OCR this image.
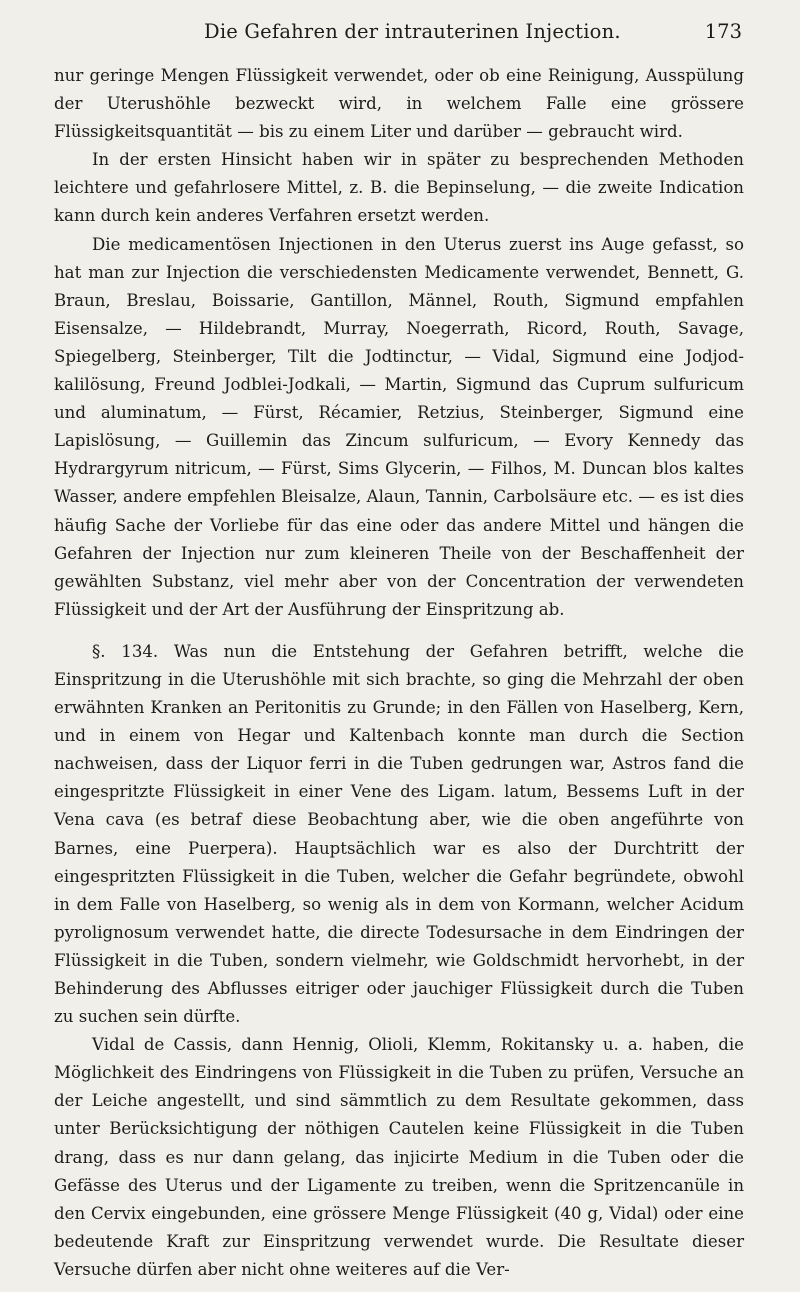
Die Gefahren der intrauterinen Injection.	173

nur geringe Mengen Flüssigkeit verwendet, oder ob eine Reinigung, Ausspülung der Uterushöhle bezweckt wird, in welchem Falle eine grössere Flüssigkeitsquantität — bis zu einem Liter und darüber — gebraucht wird.

In der ersten Hinsicht haben wir in später zu besprechenden Methoden leichtere und gefahrlosere Mittel, z. B. die Bepinselung, — die zweite Indication kann durch kein anderes Verfahren ersetzt werden.

Die medicamentösen Injectionen in den Uterus zuerst ins Auge gefasst, so hat man zur Injection die verschiedensten Medicamente verwendet, Bennett, G. Braun, Breslau, Boissarie, Gantillon, Männel, Routh, Sigmund empfahlen Eisensalze, — Hildebrandt, Murray, Noegerrath, Ricord, Routh, Savage, Spiegelberg, Steinberger, Tilt die Jodtinctur, — Vidal, Sigmund eine Jodjod-kalilösung, Freund Jodblei-Jodkali, — Martin, Sigmund das Cuprum sulfuricum und aluminatum, — Fürst, Récamier, Retzius, Steinberger, Sigmund eine Lapislösung, — Guillemin das Zincum sulfuricum, — Evory Kennedy das Hydrargyrum nitricum, — Fürst, Sims Glycerin, — Filhos, M. Duncan blos kaltes Wasser, andere empfehlen Bleisalze, Alaun, Tannin, Carbolsäure etc. — es ist dies häufig Sache der Vorliebe für das eine oder das andere Mittel und hängen die Gefahren der Injection nur zum kleineren Theile von der Beschaffenheit der gewählten Substanz, viel mehr aber von der Concentration der verwendeten Flüssigkeit und der Art der Ausführung der Einspritzung ab.

§. 134. Was nun die Entstehung der Gefahren betrifft, welche die Einspritzung in die Uterushöhle mit sich brachte, so ging die Mehrzahl der oben erwähnten Kranken an Peritonitis zu Grunde; in den Fällen von Haselberg, Kern, und in einem von Hegar und Kaltenbach konnte man durch die Section nachweisen, dass der Liquor ferri in die Tuben gedrungen war, Astros fand die eingespritzte Flüssigkeit in einer Vene des Ligam. latum, Bessems Luft in der Vena cava (es betraf diese Beobachtung aber, wie die oben angeführte von Barnes, eine Puerpera). Hauptsächlich war es also der Durchtritt der eingespritzten Flüssigkeit in die Tuben, welcher die Gefahr begründete, obwohl in dem Falle von Haselberg, so wenig als in dem von Kormann, welcher Acidum pyrolignosum verwendet hatte, die directe Todesursache in dem Eindringen der Flüssigkeit in die Tuben, sondern vielmehr, wie Goldschmidt hervorhebt, in der Behinderung des Abflusses eitriger oder jauchiger Flüssigkeit durch die Tuben zu suchen sein dürfte.

Vidal de Cassis, dann Hennig, Olioli, Klemm, Rokitansky u. a. haben, die Möglichkeit des Eindringens von Flüssigkeit in die Tuben zu prüfen, Versuche an der Leiche angestellt, und sind sämmtlich zu dem Resultate gekommen, dass unter Berücksichtigung der nöthigen Cautelen keine Flüssigkeit in die Tuben drang, dass es nur dann gelang, das injicirte Medium in die Tuben oder die Gefässe des Uterus und der Ligamente zu treiben, wenn die Spritzencanüle in den Cervix eingebunden, eine grössere Menge Flüssigkeit (40 g, Vidal) oder eine bedeutende Kraft zur Einspritzung verwendet wurde. Die Resultate dieser Versuche dürfen aber nicht ohne weiteres auf die Ver-
